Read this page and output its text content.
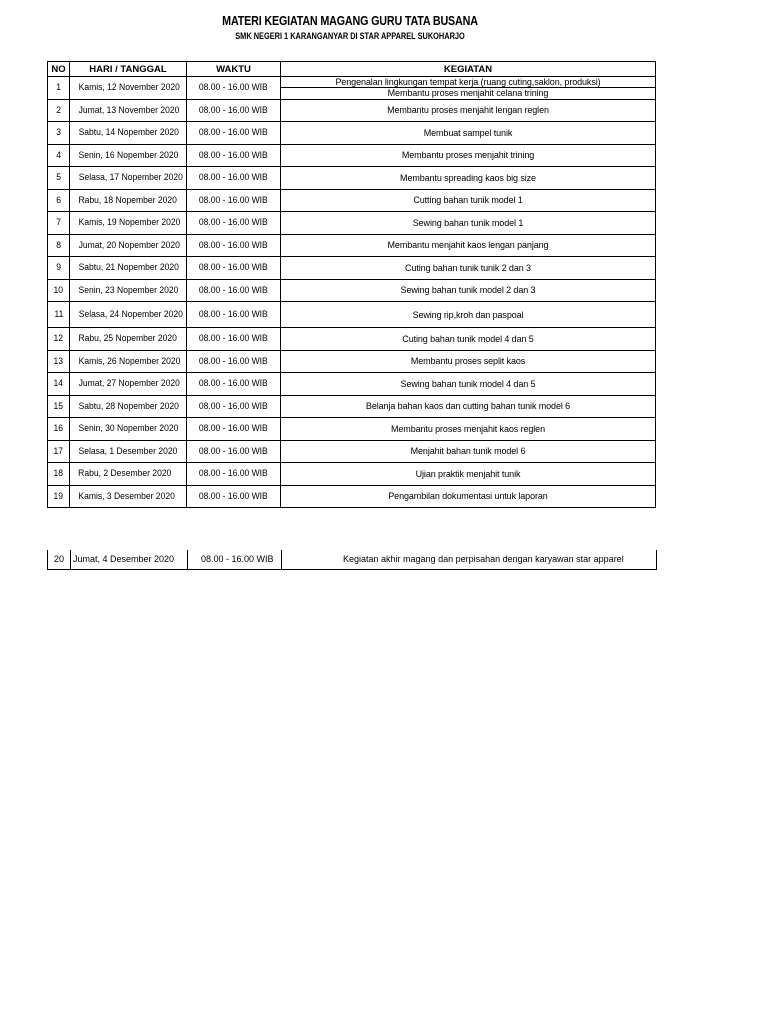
MATERI KEGIATAN MAGANG GURU TATA BUSANA
SMK NEGERI 1 KARANGANYAR DI STAR APPAREL SUKOHARJO
NO	HARI / TANGGAL	WAKTU	KEGIATAN
1	Kamis, 12 November 2020	08.00 - 16.00 WIB	Pengenalan lingkungan tempat kerja (ruang cuting,saklon, produksi)
Membantu proses menjahit celana trining

2	Jumat, 13 November 2020	08.00 - 16.00 WIB	Membantu proses menjahit lengan reglen

3	Sabtu, 14 Nopember 2020	08.00 - 16.00 WIB	Membuat sampel tunik

4	Senin, 16 Nopember 2020	08.00 - 16.00 WIB	Membantu proses menjahit trining

5	Selasa, 17 Nopember 2020	08.00 - 16.00 WIB	Membantu spreading kaos big size

6	Rabu, 18 Nopember 2020	08.00 - 16.00 WIB	Cutting bahan tunik model 1

7	Kamis, 19 Nopember 2020	08.00 - 16.00 WIB	Sewing bahan tunik model 1

8	Jumat, 20 Nopember 2020	08.00 - 16.00 WIB	Membantu menjahit kaos lengan panjang

9	Sabtu, 21 Nopember 2020	08.00 - 16.00 WIB	Cuting bahan tunik tunik 2 dan 3

10	Senin, 23 Nopember 2020	08.00 - 16.00 WIB	Sewing bahan tunik model 2 dan 3

11	Selasa, 24 Nopember 2020	08.00 - 16.00 WIB	Sewing rip,kroh dan paspoal

12	Rabu, 25 Nopember 2020	08.00 - 16.00 WIB	Cuting bahan tunik model 4 dan 5

13	Kamis, 26 Nopember 2020	08.00 - 16.00 WIB	Membantu proses seplit kaos

14	Jumat, 27 Nopember 2020	08.00 - 16.00 WIB	Sewing bahan tunik model 4 dan 5

15	Sabtu, 28 Nopember 2020	08.00 - 16.00 WIB	Belanja bahan kaos dan cutting bahan tunik model 6

16	Senin, 30 Nopember 2020	08.00 - 16.00 WIB	Membantu proses menjahit kaos reglen

17	Selasa, 1 Desember 2020	08.00 - 16.00 WIB	Menjahit bahan tunik model 6

18	Rabu, 2 Desember 2020	08.00 - 16.00 WIB	Ujian praktik menjahit tunik

19	Kamis, 3 Desember 2020	08.00 - 16.00 WIB	Pengambilan dokumentasi untuk laporan
20 Jumat, 4 Desember 2020	08.00 - 16.00 WIB	Kegiatan akhir magang dan perpisahan dengan karyawan star apparel
